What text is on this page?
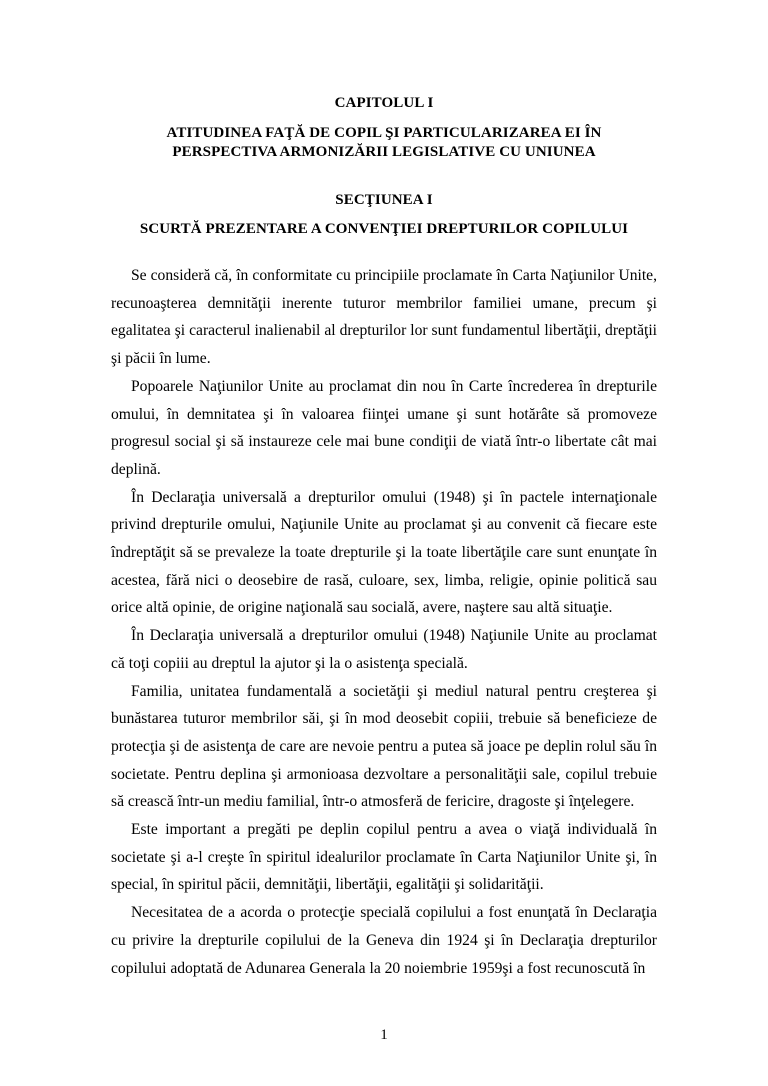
CAPITOLUL I
ATITUDINEA FAŢĂ DE COPIL ŞI PARTICULARIZAREA EI ÎN
PERSPECTIVA ARMONIZĂRII LEGISLATIVE CU UNIUNEA
SECŢIUNEA I
SCURTĂ PREZENTARE A CONVENŢIEI DREPTURILOR COPILULUI

Se consideră că, în conformitate cu principiile proclamate în Carta Naţiunilor Unite, recunoaşterea demnităţii inerente tuturor membrilor familiei umane, precum şi egalitatea şi caracterul inalienabil al drepturilor lor sunt fundamentul libertăţii, dreptăţii şi păcii în lume.

Popoarele Naţiunilor Unite au proclamat din nou în Carte încrederea în drepturile omului, în demnitatea şi în valoarea fiinţei umane şi sunt hotărâte să promoveze progresul social şi să instaureze cele mai bune condiţii de viată într-o libertate cât mai deplină.

În Declaraţia universală a drepturilor omului (1948) şi în pactele internaţionale privind drepturile omului, Naţiunile Unite au proclamat şi au convenit că fiecare este îndreptăţit să se prevaleze la toate drepturile şi la toate libertăţile care sunt enunţate în acestea, fără nici o deosebire de rasă, culoare, sex, limba, religie, opinie politică sau orice altă opinie, de origine naţională sau socială, avere, naştere sau altă situaţie.

În Declaraţia universală a drepturilor omului (1948) Naţiunile Unite au proclamat că toţi copiii au dreptul la ajutor şi la o asistenţa specială.

Familia, unitatea fundamentală a societăţii şi mediul natural pentru creşterea şi bunăstarea tuturor membrilor săi, şi în mod deosebit copiii, trebuie să beneficieze de protecţia şi de asistenţa de care are nevoie pentru a putea să joace pe deplin rolul său în societate. Pentru deplina şi armonioasa dezvoltare a personalităţii sale, copilul trebuie să crească într-un mediu familial, într-o atmosferă de fericire, dragoste şi înţelegere.

Este important a pregăti pe deplin copilul pentru a avea o viaţă individuală în societate şi a-l creşte în spiritul idealurilor proclamate în Carta Naţiunilor Unite şi, în special, în spiritul păcii, demnităţii, libertăţii, egalităţii şi solidarităţii.

Necesitatea de a acorda o protecţie specială copilului a fost enunţată în Declaraţia cu privire la drepturile copilului de la Geneva din 1924 şi în Declaraţia drepturilor copilului adoptată de Adunarea Generala la 20 noiembrie 1959şi a fost recunoscută în

1
